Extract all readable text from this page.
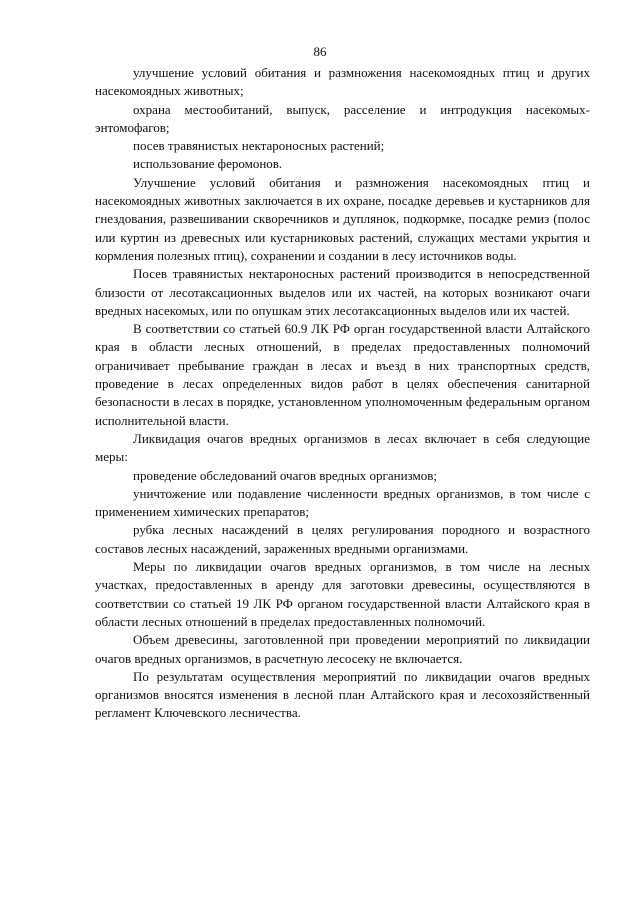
86

улучшение условий обитания и размножения насекомоядных птиц и других насекомоядных животных;

охрана местообитаний, выпуск, расселение и интродукция насекомых-энтомофагов;

посев травянистых нектароносных растений;

использование феромонов.

Улучшение условий обитания и размножения насекомоядных птиц и насекомоядных животных заключается в их охране, посадке деревьев и кустарников для гнездования, развешивании скворечников и дуплянок, подкормке, посадке ремиз (полос или куртин из древесных или кустарниковых растений, служащих местами укрытия и кормления полезных птиц), сохранении и создании в лесу источников воды.

Посев травянистых нектароносных растений производится в непосредственной близости от лесотаксационных выделов или их частей, на которых возникают очаги вредных насекомых, или по опушкам этих лесотаксационных выделов или их частей.

В соответствии со статьей 60.9 ЛК РФ орган государственной власти Алтайского края в области лесных отношений, в пределах предоставленных полномочий ограничивает пребывание граждан в лесах и въезд в них транспортных средств, проведение в лесах определенных видов работ в целях обеспечения санитарной безопасности в лесах в порядке, установленном уполномоченным федеральным органом исполнительной власти.

Ликвидация очагов вредных организмов в лесах включает в себя следующие меры:

проведение обследований очагов вредных организмов;

уничтожение или подавление численности вредных организмов, в том числе с применением химических препаратов;

рубка лесных насаждений в целях регулирования породного и возрастного составов лесных насаждений, зараженных вредными организмами.

Меры по ликвидации очагов вредных организмов, в том числе на лесных участках, предоставленных в аренду для заготовки древесины, осуществляются в соответствии со статьей 19 ЛК РФ органом государственной власти Алтайского края в области лесных отношений в пределах предоставленных полномочий.

Объем древесины, заготовленной при проведении мероприятий по ликвидации очагов вредных организмов, в расчетную лесосеку не включается.

По результатам осуществления мероприятий по ликвидации очагов вредных организмов вносятся изменения в лесной план Алтайского края и лесохозяйственный регламент Ключевского лесничества.
